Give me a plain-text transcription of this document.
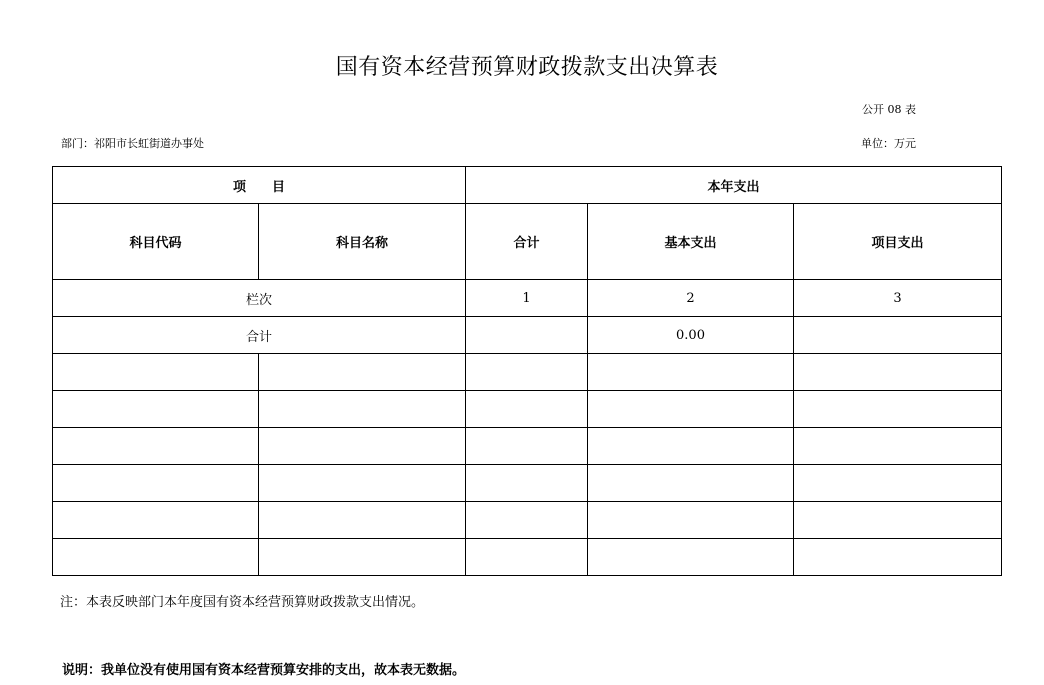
国有资本经营预算财政拨款支出决算表
公开 08 表
部门：祁阳市长虹街道办事处	单位：万元
项　　目		本年支出		
科目代码	科目名称	合计	基本支出	项目支出
栏次		1	2	3
合计			0.00	

注：本表反映部门本年度国有资本经营预算财政拨款支出情况。
说明：我单位没有使用国有资本经营预算安排的支出，故本表无数据。
